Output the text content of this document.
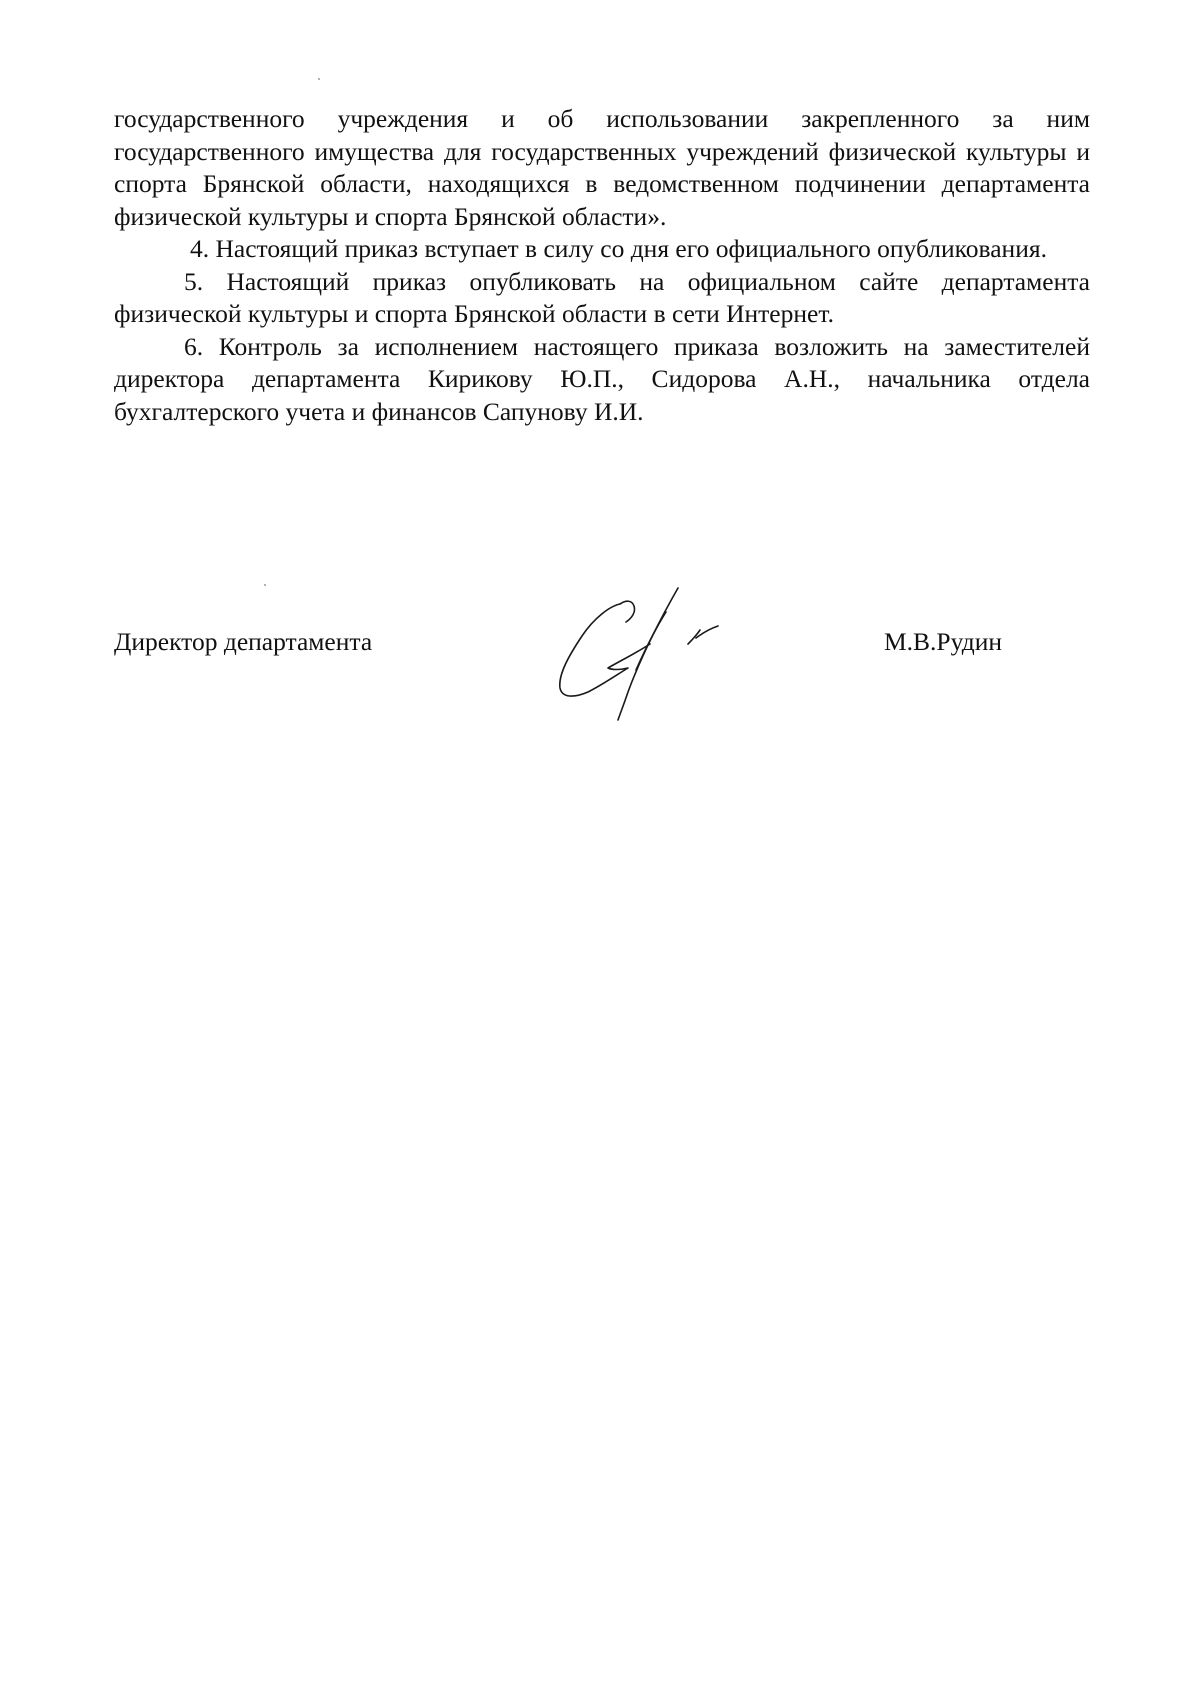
государственного учреждения и об использовании закрепленного за ним государственного имущества для государственных учреждений физической культуры и спорта Брянской области, находящихся в ведомственном подчинении департамента физической культуры и спорта Брянской области».

4. Настоящий приказ вступает в силу со дня его официального опубликования.

5. Настоящий приказ опубликовать на официальном сайте департамента физической культуры и спорта Брянской области в сети Интернет.

6. Контроль за исполнением настоящего приказа возложить на заместителей директора департамента Кирикову Ю.П., Сидорова А.Н., начальника отдела бухгалтерского учета и финансов Сапунову И.И.

Директор департамента	М.В.Рудин
